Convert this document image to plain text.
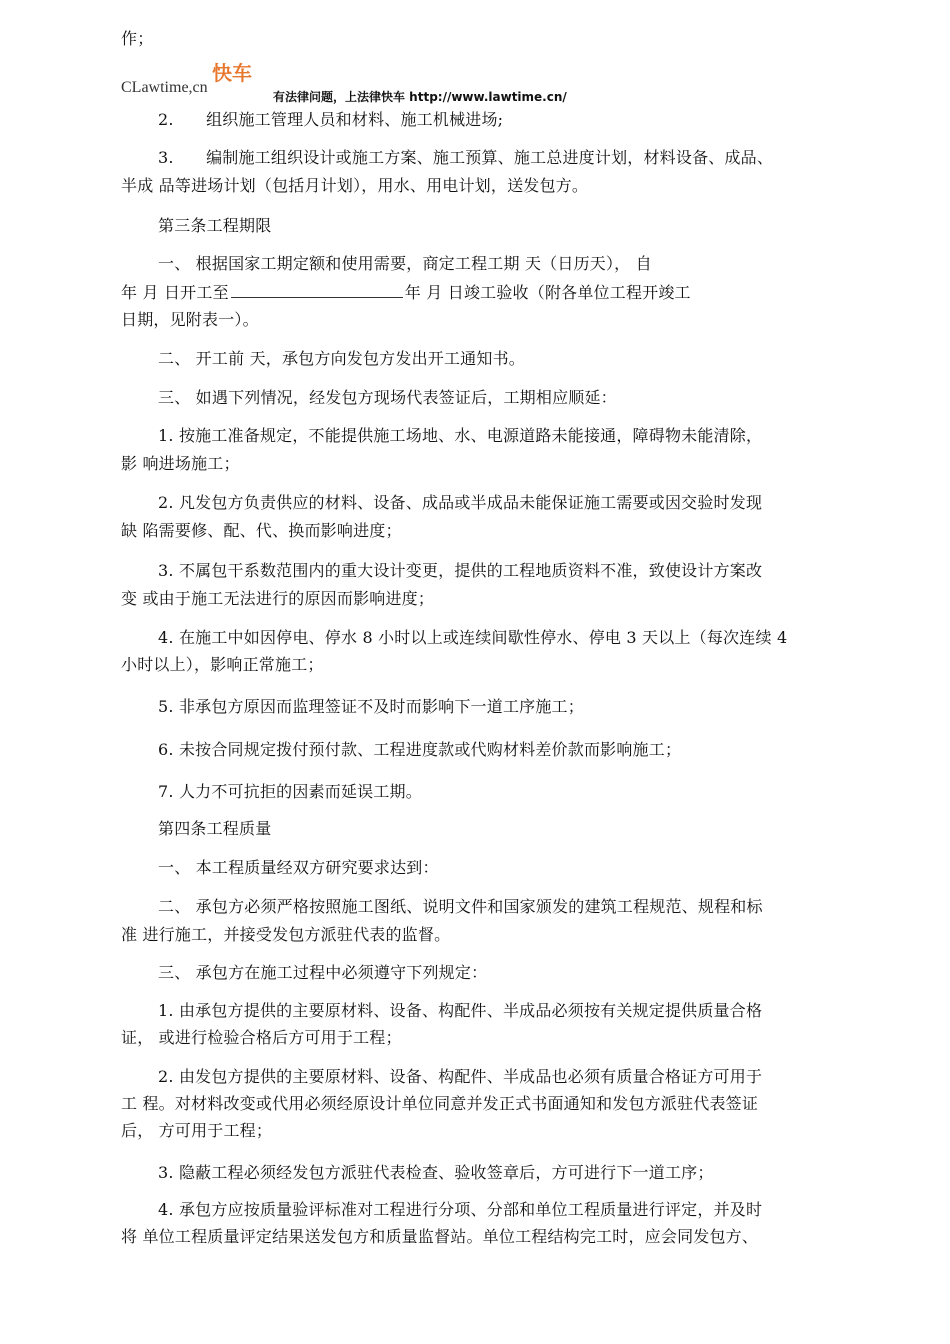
CLawtime,cn
快车
有法律问题，上法律快车 http://www.lawtime.cn/
作；
2.　　组织施工管理人员和材料、施工机械进场;
3.　　编制施工组织设计或施工方案、施工预算、施工总进度计划，材料设备、成品、
半成 品等进场计划（包括月计划），用水、用电计划，送发包方。
第三条工程期限
一、 根据国家工期定额和使用需要，商定工程工期 天（日历天）， 自
年 月 日开工至	年 月 日竣工验收（附各单位工程开竣工
日期，见附表一）。
二、 开工前 天，承包方向发包方发出开工通知书。
三、 如遇下列情况，经发包方现场代表签证后，工期相应顺延：
1. 按施工准备规定，不能提供施工场地、水、电源道路未能接通，障碍物未能清除，
影 响进场施工；
2. 凡发包方负责供应的材料、设备、成品或半成品未能保证施工需要或因交验时发现
缺 陷需要修、配、代、换而影响进度；
3. 不属包干系数范围内的重大设计变更，提供的工程地质资料不准，致使设计方案改
变 或由于施工无法进行的原因而影响进度；
4. 在施工中如因停电、停水 8 小时以上或连续间歇性停水、停电 3 天以上（每次连续 4
小时以上），影响正常施工；
5. 非承包方原因而监理签证不及时而影响下一道工序施工；
6. 未按合同规定拨付预付款、工程进度款或代购材料差价款而影响施工；
7. 人力不可抗拒的因素而延误工期。
第四条工程质量
一、 本工程质量经双方研究要求达到：
二、 承包方必须严格按照施工图纸、说明文件和国家颁发的建筑工程规范、规程和标
准 进行施工，并接受发包方派驻代表的监督。
三、 承包方在施工过程中必须遵守下列规定：
1. 由承包方提供的主要原材料、设备、构配件、半成品必须按有关规定提供质量合格
证， 或进行检验合格后方可用于工程；
2. 由发包方提供的主要原材料、设备、构配件、半成品也必须有质量合格证方可用于
工 程。对材料改变或代用必须经原设计单位同意并发正式书面通知和发包方派驻代表签证
后， 方可用于工程；
3. 隐蔽工程必须经发包方派驻代表检查、验收签章后，方可进行下一道工序；
4. 承包方应按质量验评标准对工程进行分项、分部和单位工程质量进行评定，并及时
将 单位工程质量评定结果送发包方和质量监督站。单位工程结构完工时，应会同发包方、
